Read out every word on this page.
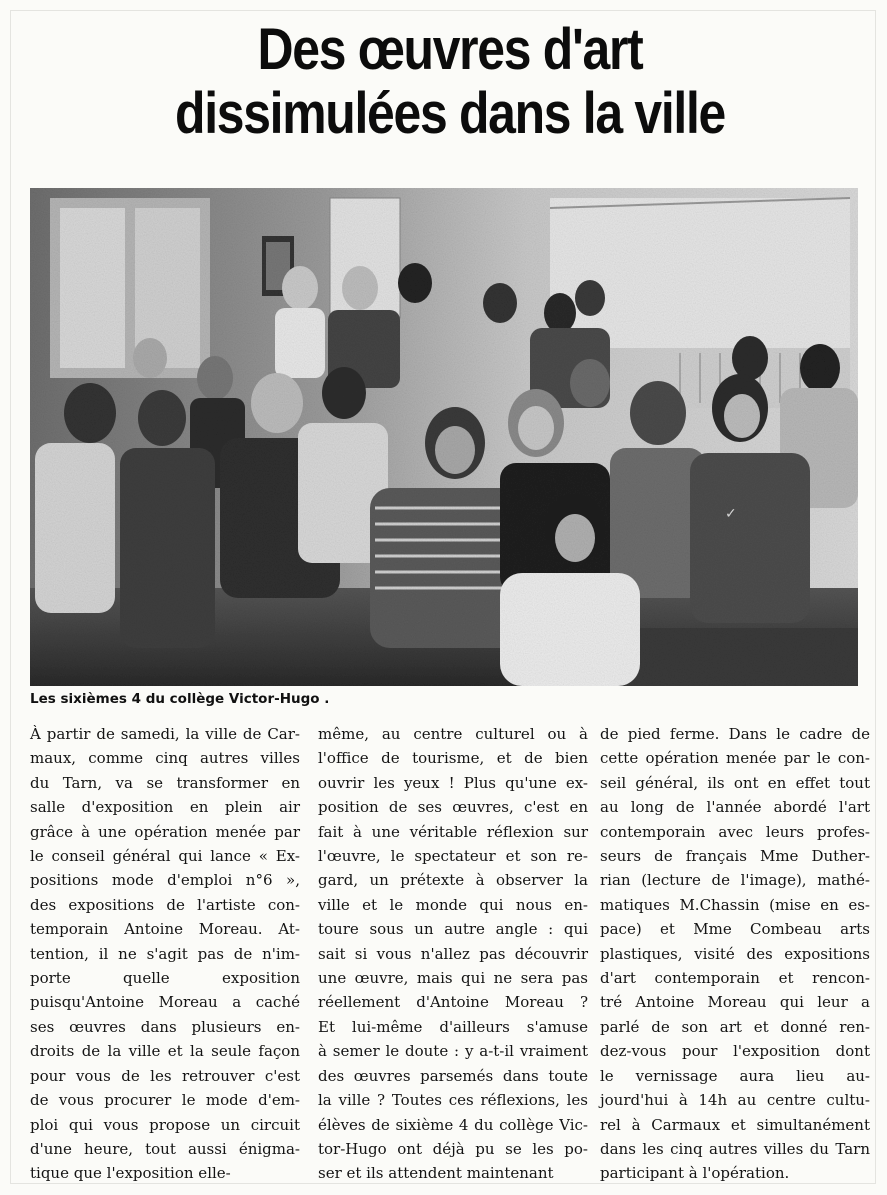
Des œuvres d'art
dissimulées dans la ville
✓
Les sixièmes 4 du collège Victor-Hugo .
À partir de samedi, la ville de Car-
maux, comme cinq autres villes
du Tarn, va se transformer en
salle d'exposition en plein air
grâce à une opération menée par
le conseil général qui lance « Ex-
positions mode d'emploi n°6 »,
des expositions de l'artiste con-
temporain Antoine Moreau. At-
tention, il ne s'agit pas de n'im-
porte quelle exposition
puisqu'Antoine Moreau a caché
ses œuvres dans plusieurs en-
droits de la ville et la seule façon
pour vous de les retrouver c'est
de vous procurer le mode d'em-
ploi qui vous propose un circuit
d'une heure, tout aussi énigma-
tique que l'exposition elle-
même, au centre culturel ou à
l'office de tourisme, et de bien
ouvrir les yeux ! Plus qu'une ex-
position de ses œuvres, c'est en
fait à une véritable réflexion sur
l'œuvre, le spectateur et son re-
gard, un prétexte à observer la
ville et le monde qui nous en-
toure sous un autre angle : qui
sait si vous n'allez pas découvrir
une œuvre, mais qui ne sera pas
réellement d'Antoine Moreau ?
Et lui-même d'ailleurs s'amuse
à semer le doute : y a-t-il vraiment
des œuvres parsemés dans toute
la ville ? Toutes ces réflexions, les
élèves de sixième 4 du collège Vic-
tor-Hugo ont déjà pu se les po-
ser et ils attendent maintenant
de pied ferme. Dans le cadre de
cette opération menée par le con-
seil général, ils ont en effet tout
au long de l'année abordé l'art
contemporain avec leurs profes-
seurs de français Mme Duther-
rian (lecture de l'image), mathé-
matiques M.Chassin (mise en es-
pace) et Mme Combeau arts
plastiques, visité des expositions
d'art contemporain et rencon-
tré Antoine Moreau qui leur a
parlé de son art et donné ren-
dez-vous pour l'exposition dont
le vernissage aura lieu au-
jourd'hui à 14h au centre cultu-
rel à Carmaux et simultanément
dans les cinq autres villes du Tarn
participant à l'opération.
